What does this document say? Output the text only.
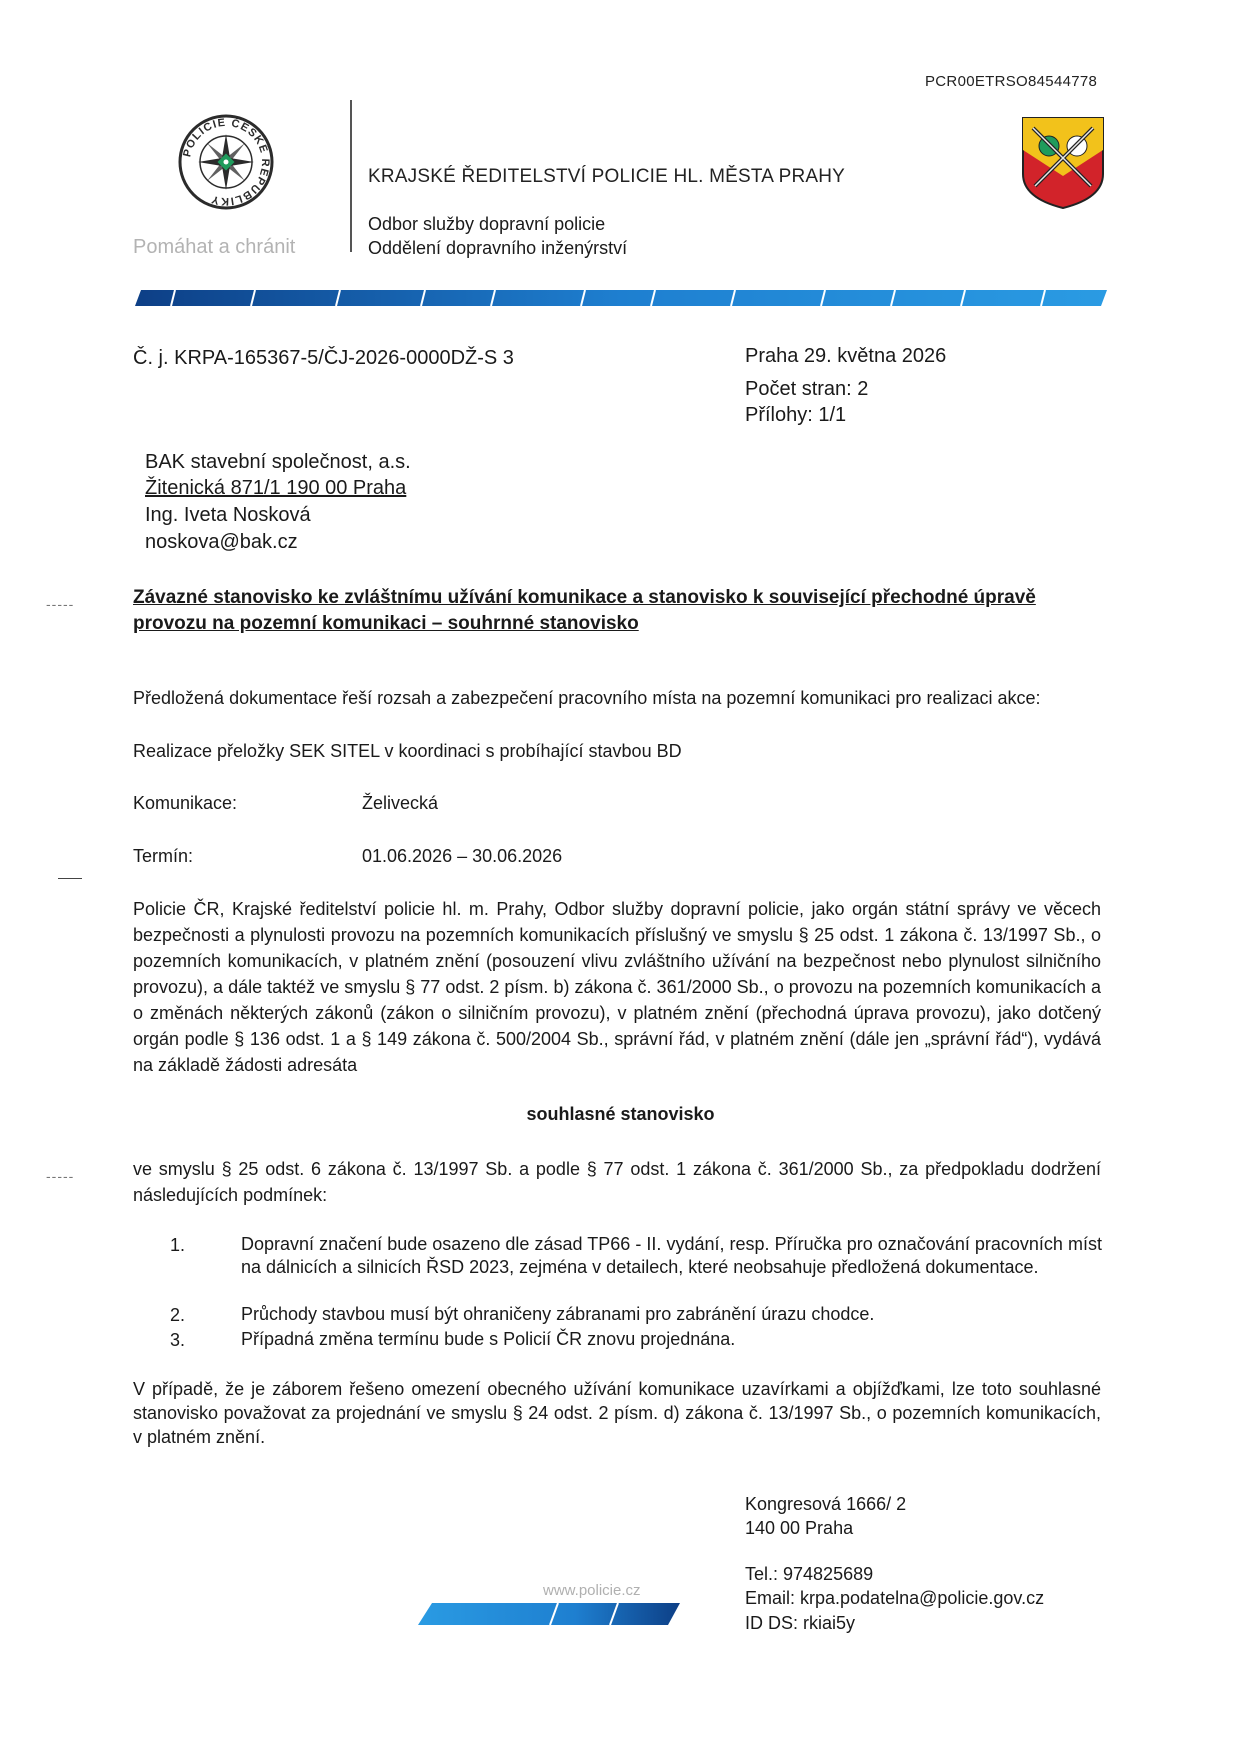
PCR00ETRSO84544778
POLICIE ČESKÉ REPUBLIKY
Pomáhat a chránit
KRAJSKÉ ŘEDITELSTVÍ POLICIE HL. MĚSTA PRAHY
Odbor služby dopravní policie
Oddělení dopravního inženýrství
Č. j. KRPA-165367-5/ČJ-2026-0000DŽ-S 3	Praha 29. května 2026
Počet stran: 2
Přílohy: 1/1
BAK stavební společnost, a.s.
Žitenická 871/1 190 00 Praha
Ing. Iveta Nosková
noskova@bak.cz
-----
-----
Závazné stanovisko ke zvláštnímu užívání komunikace a stanovisko k související přechodné úpravě provozu na pozemní komunikaci – souhrnné stanovisko
Předložená dokumentace řeší rozsah a zabezpečení pracovního místa na pozemní komunikaci pro realizaci akce:
Realizace přeložky SEK SITEL v koordinaci s probíhající stavbou BD
Komunikace:	Želivecká
Termín:	01.06.2026 – 30.06.2026
Policie ČR, Krajské ředitelství policie hl. m. Prahy, Odbor služby dopravní policie, jako orgán státní správy ve věcech bezpečnosti a plynulosti provozu na pozemních komunikacích příslušný ve smyslu § 25 odst. 1 zákona č. 13/1997 Sb., o pozemních komunikacích, v platném znění (posouzení vlivu zvláštního užívání na bezpečnost nebo plynulost silničního provozu), a dále taktéž ve smyslu § 77 odst. 2 písm. b) zákona č. 361/2000 Sb., o provozu na pozemních komunikacích a o změnách některých zákonů (zákon o silničním provozu), v platném znění (přechodná úprava provozu), jako dotčený orgán podle § 136 odst. 1 a § 149 zákona č. 500/2004 Sb., správní řád, v platném znění (dále jen „správní řád“), vydává na základě žádosti adresáta
souhlasné stanovisko
ve smyslu § 25 odst. 6 zákona č. 13/1997 Sb. a podle § 77 odst. 1 zákona č. 361/2000 Sb., za předpokladu dodržení následujících podmínek:
1.	Dopravní značení bude osazeno dle zásad TP66 - II. vydání, resp. Příručka pro označování pracovních míst na dálnicích a silnicích ŘSD 2023, zejména v detailech, které neobsahuje předložená dokumentace.
2.	Průchody stavbou musí být ohraničeny zábranami pro zabránění úrazu chodce.
3.	Případná změna termínu bude s Policií ČR znovu projednána.
V případě, že je záborem řešeno omezení obecného užívání komunikace uzavírkami a objížďkami, lze toto souhlasné stanovisko považovat za projednání ve smyslu § 24 odst. 2 písm. d) zákona č. 13/1997 Sb., o pozemních komunikacích, v platném znění.
Kongresová 1666/ 2
140 00 Praha
Tel.: 974825689
Email: krpa.podatelna@policie.gov.cz
ID DS: rkiai5y
www.policie.cz
